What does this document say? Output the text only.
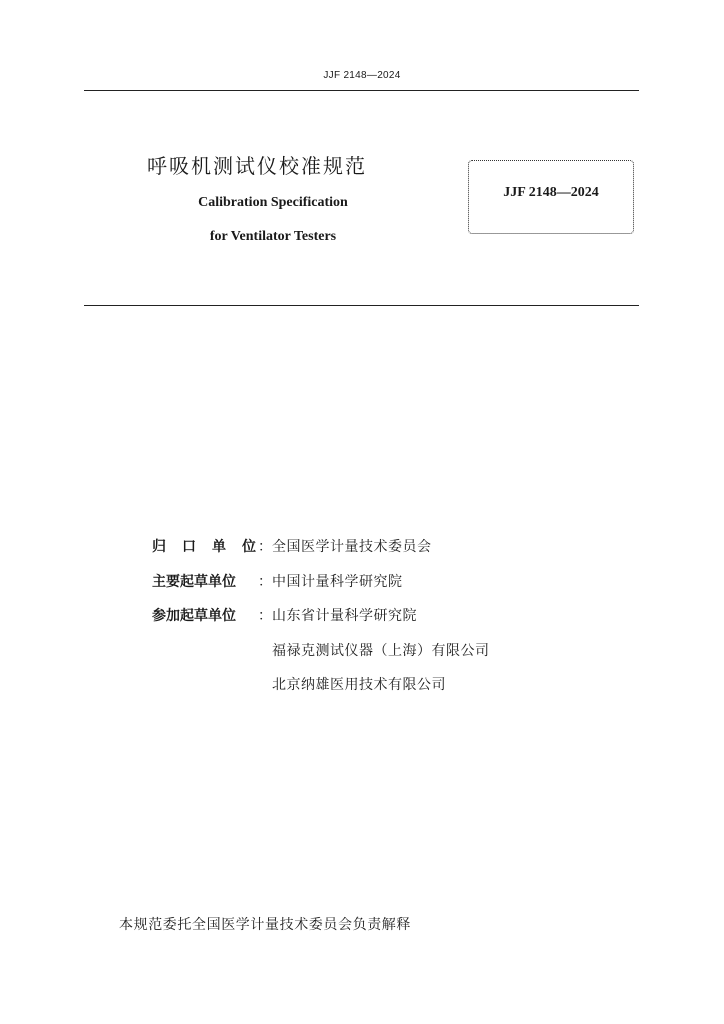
JJF 2148—2024
呼吸机测试仪校准规范
Calibration Specification
for Ventilator Testers
JJF 2148—2024
归 口 单 位 ： 全国医学计量技术委员会
主要起草单位	： 中国计量科学研究院
参加起草单位	： 山东省计量科学研究院
福禄克测试仪器（上海）有限公司
北京纳雄医用技术有限公司
本规范委托全国医学计量技术委员会负责解释
